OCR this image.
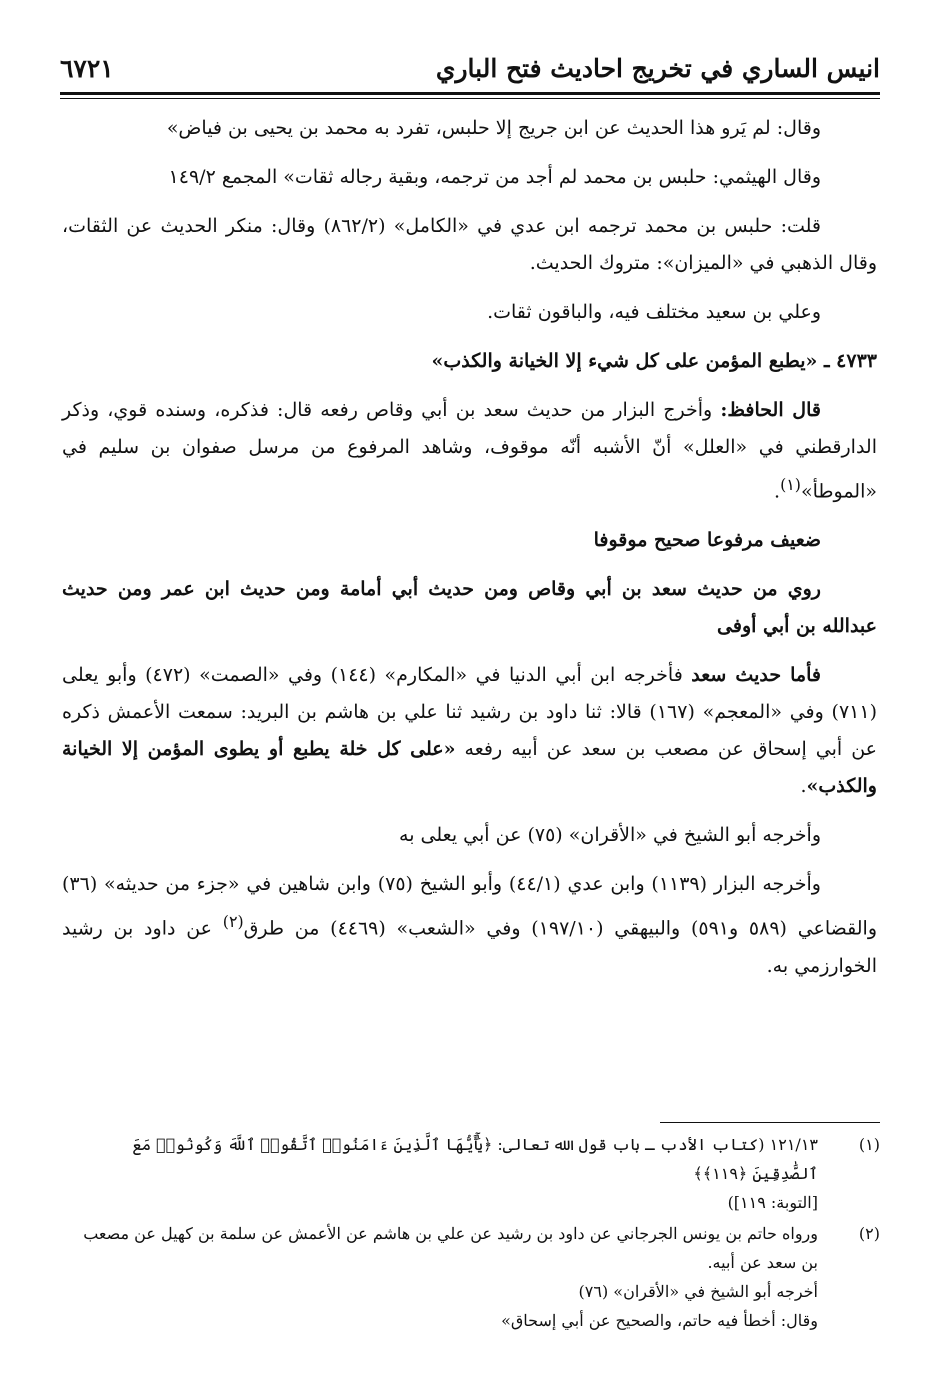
انيس الساري في تخريج احاديث فتح الباري
٦٧٢١

وقال: لم يَرو هذا الحديث عن ابن جريج إلا حلبس، تفرد به محمد بن يحيى بن فياض»

وقال الهيثمي: حلبس بن محمد لم أجد من ترجمه، وبقية رجاله ثقات» المجمع ١٤٩/٢

قلت: حلبس بن محمد ترجمه ابن عدي في «الكامل» (٨٦٢/٢) وقال: منكر الحديث عن الثقات، وقال الذهبي في «الميزان»: متروك الحديث.

وعلي بن سعيد مختلف فيه، والباقون ثقات.

٤٧٣٣ ـ «يطبع المؤمن على كل شيء إلا الخيانة والكذب»

قال الحافظ: وأخرج البزار من حديث سعد بن أبي وقاص رفعه قال: فذكره، وسنده قوي، وذكر الدارقطني في «العلل» أنّ الأشبه أنّه موقوف، وشاهد المرفوع من مرسل صفوان بن سليم في «الموطأ»$^{(١)}$.

ضعيف مرفوعا صحيح موقوفا

روي من حديث سعد بن أبي وقاص ومن حديث أبي أمامة ومن حديث ابن عمر ومن حديث عبدالله بن أبي أوفى

فأما حديث سعد فأخرجه ابن أبي الدنيا في «المكارم» (١٤٤) وفي «الصمت» (٤٧٢) وأبو يعلى (٧١١) وفي «المعجم» (١٦٧) قالا: ثنا داود بن رشيد ثنا علي بن هاشم بن البريد: سمعت الأعمش ذكره عن أبي إسحاق عن مصعب بن سعد عن أبيه رفعه «على كل خلة يطبع أو يطوى المؤمن إلا الخيانة والكذب».

وأخرجه أبو الشيخ في «الأقران» (٧٥) عن أبي يعلى به

وأخرجه البزار (١١٣٩) وابن عدي (٤٤/١) وأبو الشيخ (٧٥) وابن شاهين في «جزء من حديثه» (٣٦) والقضاعي (٥٨٩ و٥٩١) والبيهقي (١٩٧/١٠) وفي «الشعب» (٤٤٦٩) من طرق$^{(٢)}$ عن داود بن رشيد الخوارزمي به.

(١)
١٢١/١٣ (كتاب الأدب ـ باب قول الله تعالى: ﴿يَٰٓأَيُّهَا ٱلَّذِينَ ءَامَنُوا۟ ٱتَّقُوا۟ ٱللَّهَ وَكُونُوا۟ مَعَ ٱلصَّٰدِقِينَ ﴿١١٩﴾﴾
[التوبة: ١١٩])
(٢)
ورواه حاتم بن يونس الجرجاني عن داود بن رشيد عن علي بن هاشم عن الأعمش عن سلمة بن كهيل عن مصعب بن سعد عن أبيه.
أخرجه أبو الشيخ في «الأقران» (٧٦)
وقال: أخطأ فيه حاتم، والصحيح عن أبي إسحاق»
